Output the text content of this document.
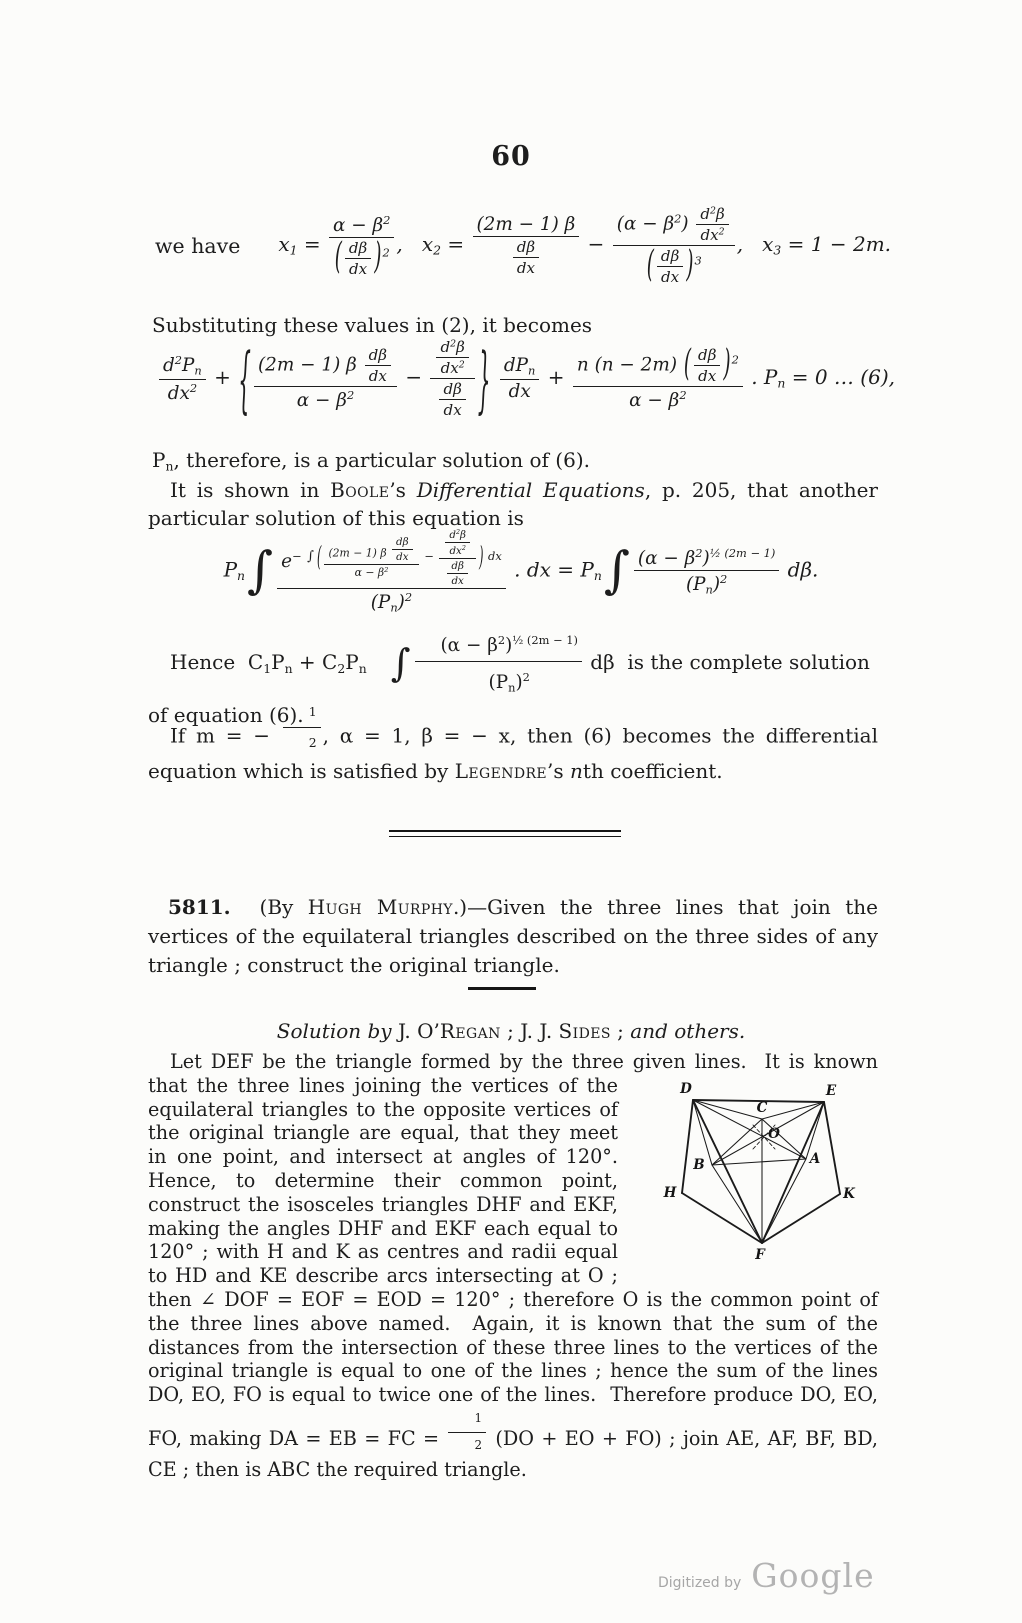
60
we have $x_1 = \frac{\alpha - \beta^2}{( \frac{d\beta}{dx} )^2}$ ,   $x_2 = \frac{(2m - 1) \beta}{\frac{d\beta}{dx}} - \frac{(\alpha - \beta^2) \frac{d^2\beta}{dx^2}}{( \frac{d\beta}{dx} )^3}$ ,   $x_3 = 1 - 2m$.
Substituting these values in (2), it becomes
$\frac{d^2P_n}{dx^2}$ + { $\frac{(2m - 1) \beta \frac{d\beta}{dx}}{\alpha - \beta^2} - \frac{\frac{d^2\beta}{dx^2}}{\frac{d\beta}{dx}}$ } $\frac{dP_n}{dx} + \frac{n (n - 2m) ( \frac{d\beta}{dx} )^2}{\alpha - \beta^2}$ . $P_n = 0$ … (6),
$P_n$, therefore, is a particular solution of (6).
It is shown in Boole’s Differential Equations, p. 205, that another particular solution of this equation is
$P_n\int$ $e^{- \int ( \frac{(2m - 1) \beta \frac{d\beta}{dx}}{\alpha - \beta^2} - \frac{\frac{d^2\beta}{dx^2}}{\frac{d\beta}{dx}} ) dx}$
$(P_n)^2$ . dx = $P_n\int \frac{(\alpha - \beta^2)^{\frac{1}{2} (2m - 1)}}{(P_n)^2} d\beta$.
Hence  $C_1P_n + C_2P_n$ ∫ $\frac{(\alpha - \beta^2)^{\frac{1}{2} (2m - 1)}}{(P_n)^2}$ dβ  is the complete solution of equation (6).
If m = − $\frac{1}{2}$ , α = 1, β = − x, then (6) becomes the differential equation which is satisfied by Legendre’s nth coefficient.
5811.  (By Hugh Murphy.)—Given the three lines that join the vertices of the equilateral triangles described on the three sides of any triangle ; construct the original triangle.
Solution by J. O’Regan ; J. J. Sides ; and others.
D	E
C
O
B	A
H	K
F
Let DEF be the triangle formed by the three given lines.  It is known that the three lines joining the vertices of the equilateral triangles to the opposite vertices of the original triangle are equal, that they meet in one point, and intersect at angles of 120°. Hence, to determine their common point, construct the isosceles triangles DHF and EKF, making the angles DHF and EKF each equal to 120° ; with H and K as centres and radii equal to HD and KE describe arcs intersecting at O ; then ∠ DOF = EOF = EOD = 120° ; therefore O is the common point of the three lines above named.  Again, it is known that the sum of the distances from the intersection of these three lines to the vertices of the original triangle is equal to one of the lines ; hence the sum of the lines DO, EO, FO is equal to twice one of the lines.  Therefore produce DO, EO, FO, making DA = EB = FC = $\frac{1}{2} (DO$ + EO + FO) ; join AE, AF, BF, BD, CE ; then is ABC the required triangle.
Digitized by Google
